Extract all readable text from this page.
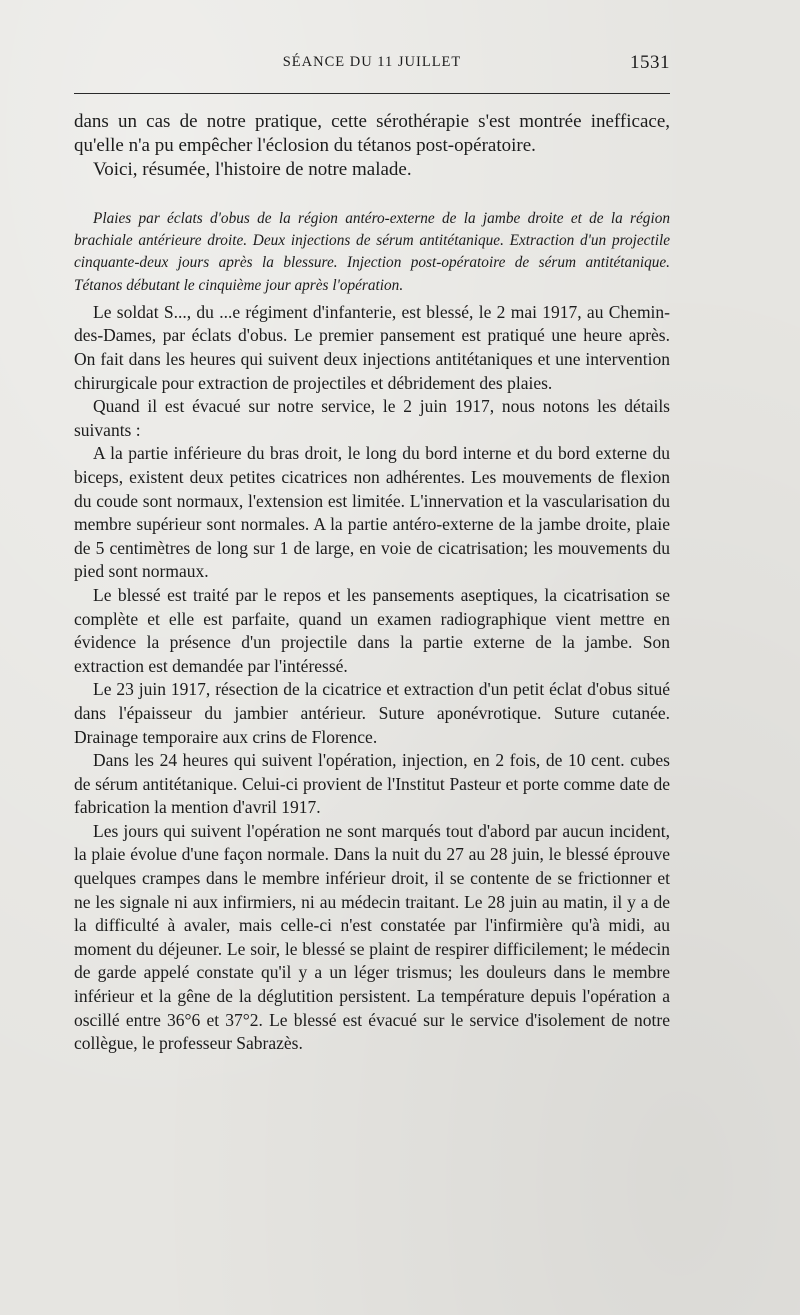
SÉANCE DU 11 JUILLET	1531

dans un cas de notre pratique, cette sérothérapie s'est montrée inefficace, qu'elle n'a pu empêcher l'éclosion du tétanos post-opératoire.

Voici, résumée, l'histoire de notre malade.

Plaies par éclats d'obus de la région antéro-externe de la jambe droite et de la région brachiale antérieure droite. Deux injections de sérum antitétanique. Extraction d'un projectile cinquante-deux jours après la blessure. Injection post-opératoire de sérum antitétanique. Tétanos débutant le cinquième jour après l'opération.

Le soldat S..., du ...e régiment d'infanterie, est blessé, le 2 mai 1917, au Chemin-des-Dames, par éclats d'obus. Le premier pansement est pratiqué une heure après. On fait dans les heures qui suivent deux injections antitétaniques et une intervention chirurgicale pour extraction de projectiles et débridement des plaies.

Quand il est évacué sur notre service, le 2 juin 1917, nous notons les détails suivants :

A la partie inférieure du bras droit, le long du bord interne et du bord externe du biceps, existent deux petites cicatrices non adhérentes. Les mouvements de flexion du coude sont normaux, l'extension est limitée. L'innervation et la vascularisation du membre supérieur sont normales. A la partie antéro-externe de la jambe droite, plaie de 5 centimètres de long sur 1 de large, en voie de cicatrisation; les mouvements du pied sont normaux.

Le blessé est traité par le repos et les pansements aseptiques, la cicatrisation se complète et elle est parfaite, quand un examen radiographique vient mettre en évidence la présence d'un projectile dans la partie externe de la jambe. Son extraction est demandée par l'intéressé.

Le 23 juin 1917, résection de la cicatrice et extraction d'un petit éclat d'obus situé dans l'épaisseur du jambier antérieur. Suture aponévrotique. Suture cutanée. Drainage temporaire aux crins de Florence.

Dans les 24 heures qui suivent l'opération, injection, en 2 fois, de 10 cent. cubes de sérum antitétanique. Celui-ci provient de l'Institut Pasteur et porte comme date de fabrication la mention d'avril 1917.

Les jours qui suivent l'opération ne sont marqués tout d'abord par aucun incident, la plaie évolue d'une façon normale. Dans la nuit du 27 au 28 juin, le blessé éprouve quelques crampes dans le membre inférieur droit, il se contente de se frictionner et ne les signale ni aux infirmiers, ni au médecin traitant. Le 28 juin au matin, il y a de la difficulté à avaler, mais celle-ci n'est constatée par l'infirmière qu'à midi, au moment du déjeuner. Le soir, le blessé se plaint de respirer difficilement; le médecin de garde appelé constate qu'il y a un léger trismus; les douleurs dans le membre inférieur et la gêne de la déglutition persistent. La température depuis l'opération a oscillé entre 36°6 et 37°2. Le blessé est évacué sur le service d'isolement de notre collègue, le professeur Sabrazès.
